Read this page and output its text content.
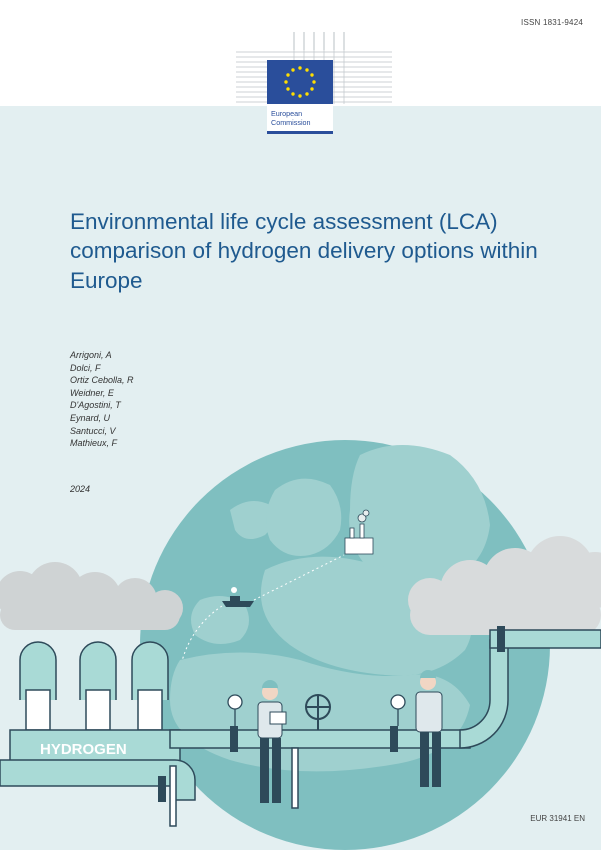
ISSN 1831-9424
European
Commission
Environmental life cycle assessment (LCA) comparison of hydrogen delivery options within Europe
Arrigoni, A
Dolci, F
Ortiz Cebolla, R
Weidner, E
D'Agostini, T
Eynard, U
Santucci, V
Mathieux, F
2024
HYDROGEN
EUR 31941 EN
